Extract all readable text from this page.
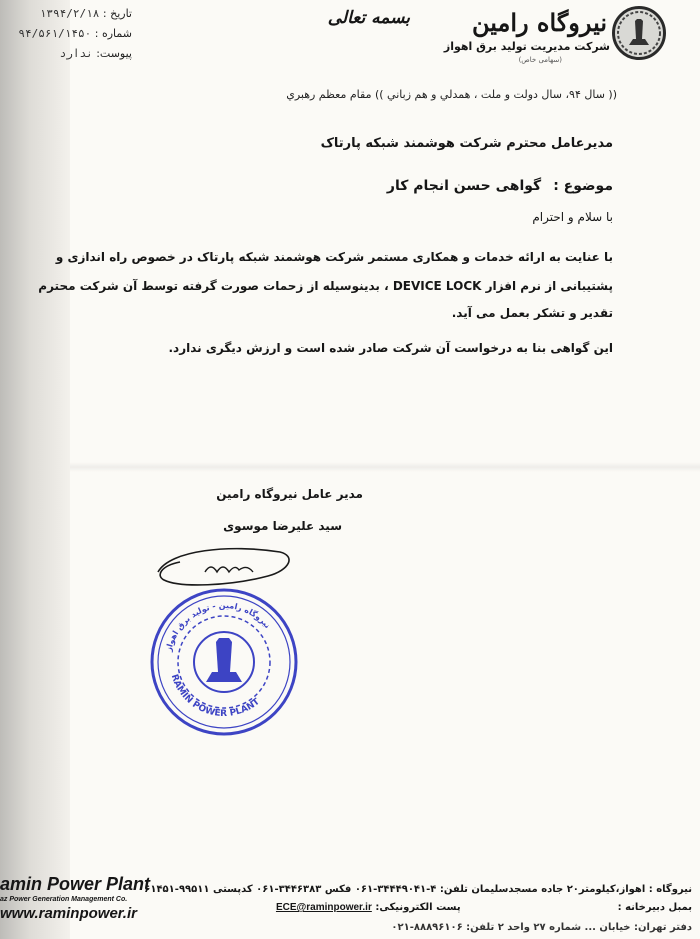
نیروگاه رامین
شرکت مدیریت تولید برق اهواز
(سهامی خاص)
بسمه تعالی
تاریخ : ۱۳۹۴/۲/۱۸
شماره : ۹۴/۵۶۱/۱۴۵۰
پیوست: ندارد
(( سال ۹۴، سال دولت و ملت ، همدلي و هم زباني )) مقام معظم رهبري
مدیرعامل محترم شرکت هوشمند شبکه پارتاک
موضوع :گواهی حسن انجام کار
با سلام و احترام
با عنایت به ارائه خدمات و همکاری مستمر شرکت هوشمند شبکه پارتاک در خصوص راه اندازی و
پشتیبانی از نرم افزار DEVICE LOCK ، بدینوسیله از زحمات صورت گرفته توسط آن شرکت محترم
تقدیر و تشکر بعمل می آید.
این گواهی بنا به درخواست آن شرکت صادر شده است و ارزش دیگری ندارد.
مدیر عامل نیروگاه رامین
سید علیرضا موسوی
RAMIN POWER PLANT
نیروگاه رامین - تولید برق اهواز
amin Power Plant
az Power Generation Management Co.
www.raminpower.ir
نیروگاه : اهواز،کیلومتر۲۰ جاده مسجدسلیمان تلفن: ۴-۳۴۴۴۹۰۴۱-۰۶۱ فکس ۳۴۴۶۳۸۳-۰۶۱ کدپستی ۹۹۵۱۱-۶۱۴۵۱
بمبل دبیرخانه :  پست الکترونیکی: ECE@raminpower.ir
دفتر تهران: خیابان ... شماره ۲۷ واحد ۲ تلفن: ۸۸۸۹۶۱۰۶-۰۲۱
